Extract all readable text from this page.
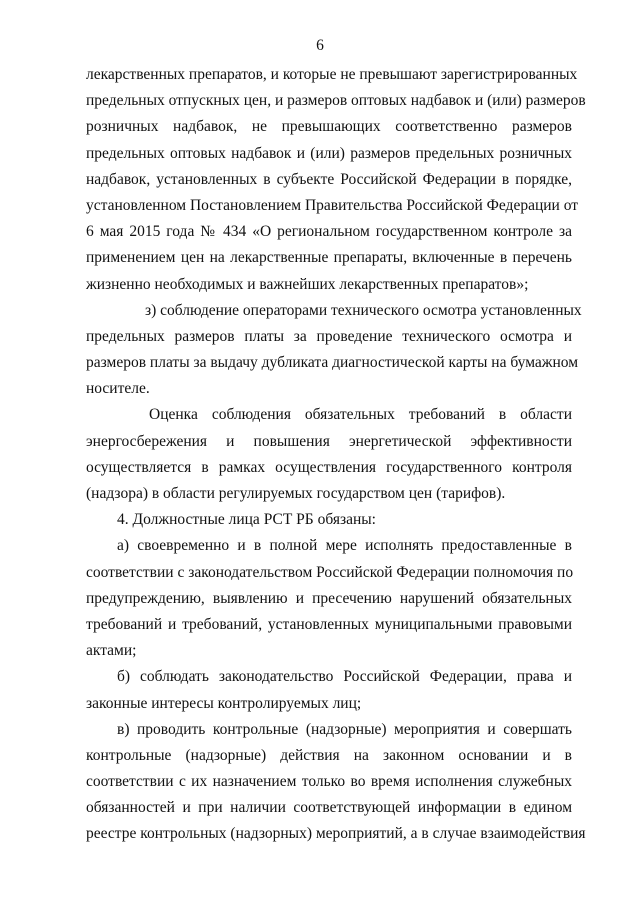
6
лекарственных препаратов, и которые не превышают зарегистрированных
предельных отпускных цен, и размеров оптовых надбавок и (или) размеров
розничных надбавок, не превышающих соответственно размеров
предельных оптовых надбавок и (или) размеров предельных розничных
надбавок, установленных в субъекте Российской Федерации в порядке,
установленном Постановлением Правительства Российской Федерации от
6 мая 2015 года № 434 «О региональном государственном контроле за
применением цен на лекарственные препараты, включенные в перечень
жизненно необходимых и важнейших лекарственных препаратов»;
з) соблюдение операторами технического осмотра установленных
предельных размеров платы за проведение технического осмотра и
размеров платы за выдачу дубликата диагностической карты на бумажном
носителе.
Оценка соблюдения обязательных требований в области
энергосбережения и повышения энергетической эффективности
осуществляется в рамках осуществления государственного контроля
(надзора) в области регулируемых государством цен (тарифов).
4. Должностные лица РСТ РБ обязаны:
а) своевременно и в полной мере исполнять предоставленные в
соответствии с законодательством Российской Федерации полномочия по
предупреждению, выявлению и пресечению нарушений обязательных
требований и требований, установленных муниципальными правовыми
актами;
б) соблюдать законодательство Российской Федерации, права и
законные интересы контролируемых лиц;
в) проводить контрольные (надзорные) мероприятия и совершать
контрольные (надзорные) действия на законном основании и в
соответствии с их назначением только во время исполнения служебных
обязанностей и при наличии соответствующей информации в едином
реестре контрольных (надзорных) мероприятий, а в случае взаимодействия
